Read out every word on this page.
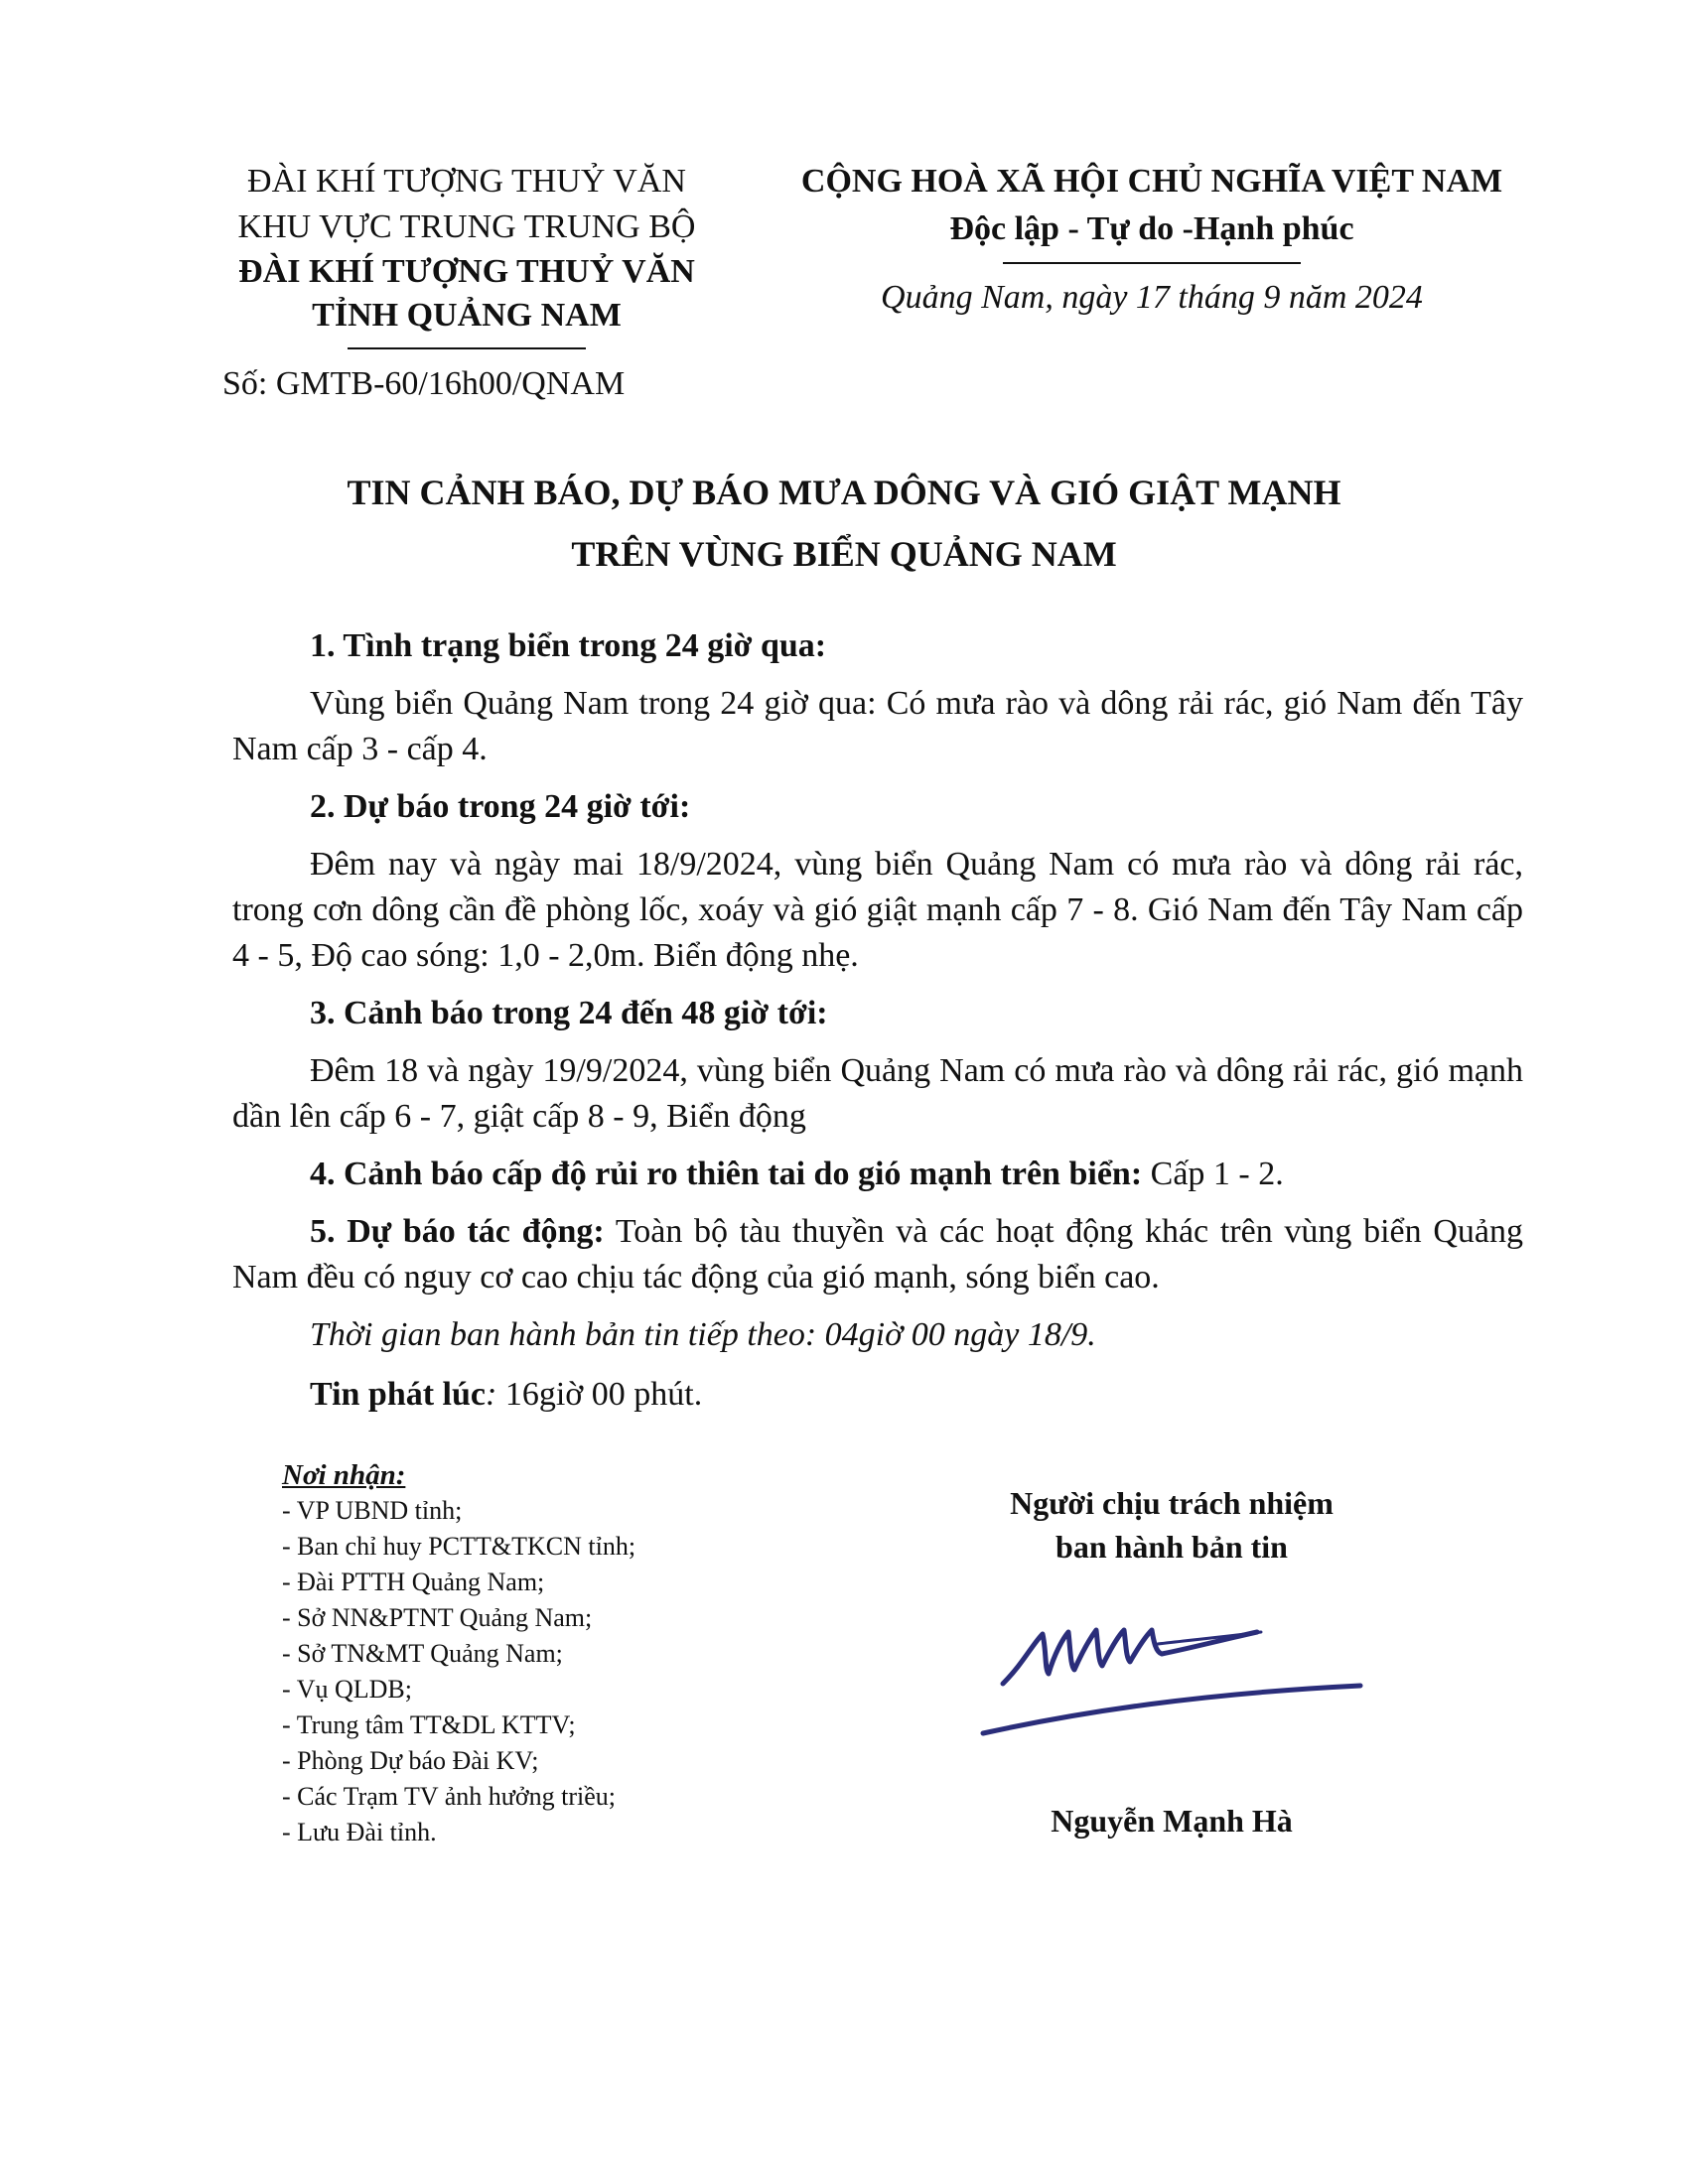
ĐÀI KHÍ TƯỢNG THUỶ VĂN
KHU VỰC TRUNG TRUNG BỘ
ĐÀI KHÍ TƯỢNG THUỶ VĂN
TỈNH QUẢNG NAM
Số: GMTB-60/16h00/QNAM
CỘNG HOÀ XÃ HỘI CHỦ NGHĨA VIỆT NAM
Độc lập - Tự do -Hạnh phúc
Quảng Nam, ngày 17 tháng 9 năm 2024
TIN CẢNH BÁO, DỰ BÁO MƯA DÔNG VÀ GIÓ GIẬT MẠNH
TRÊN VÙNG BIỂN QUẢNG NAM

1. Tình trạng biển trong 24 giờ qua:

Vùng biển Quảng Nam trong 24 giờ qua: Có mưa rào và dông rải rác, gió Nam đến Tây Nam cấp 3 - cấp 4.

2. Dự báo trong 24 giờ tới:

Đêm nay và ngày mai 18/9/2024, vùng biển Quảng Nam có mưa rào và dông rải rác, trong cơn dông cần đề phòng lốc, xoáy và gió giật mạnh cấp 7 - 8. Gió Nam đến Tây Nam cấp 4 - 5, Độ cao sóng: 1,0 - 2,0m. Biển động nhẹ.

3. Cảnh báo trong 24 đến 48 giờ tới:

Đêm 18 và ngày 19/9/2024, vùng biển Quảng Nam có mưa rào và dông rải rác, gió mạnh dần lên cấp 6 - 7, giật cấp 8 - 9, Biển động

4. Cảnh báo cấp độ rủi ro thiên tai do gió mạnh trên biển: Cấp 1 - 2.

5. Dự báo tác động: Toàn bộ tàu thuyền và các hoạt động khác trên vùng biển Quảng Nam đều có nguy cơ cao chịu tác động của gió mạnh, sóng biển cao.

Thời gian ban hành bản tin tiếp theo: 04giờ 00 ngày 18/9.

Tin phát lúc: 16giờ 00 phút.

Nơi nhận:
- VP UBND tỉnh;
- Ban chỉ huy PCTT&TKCN tỉnh;
- Đài PTTH Quảng Nam;
- Sở NN&PTNT Quảng Nam;
- Sở TN&MT Quảng Nam;
- Vụ QLDB;
- Trung tâm TT&DL KTTV;
- Phòng Dự báo Đài KV;
- Các Trạm TV ảnh hưởng triều;
- Lưu Đài tỉnh.
Người chịu trách nhiệm
ban hành bản tin
Nguyễn Mạnh Hà
